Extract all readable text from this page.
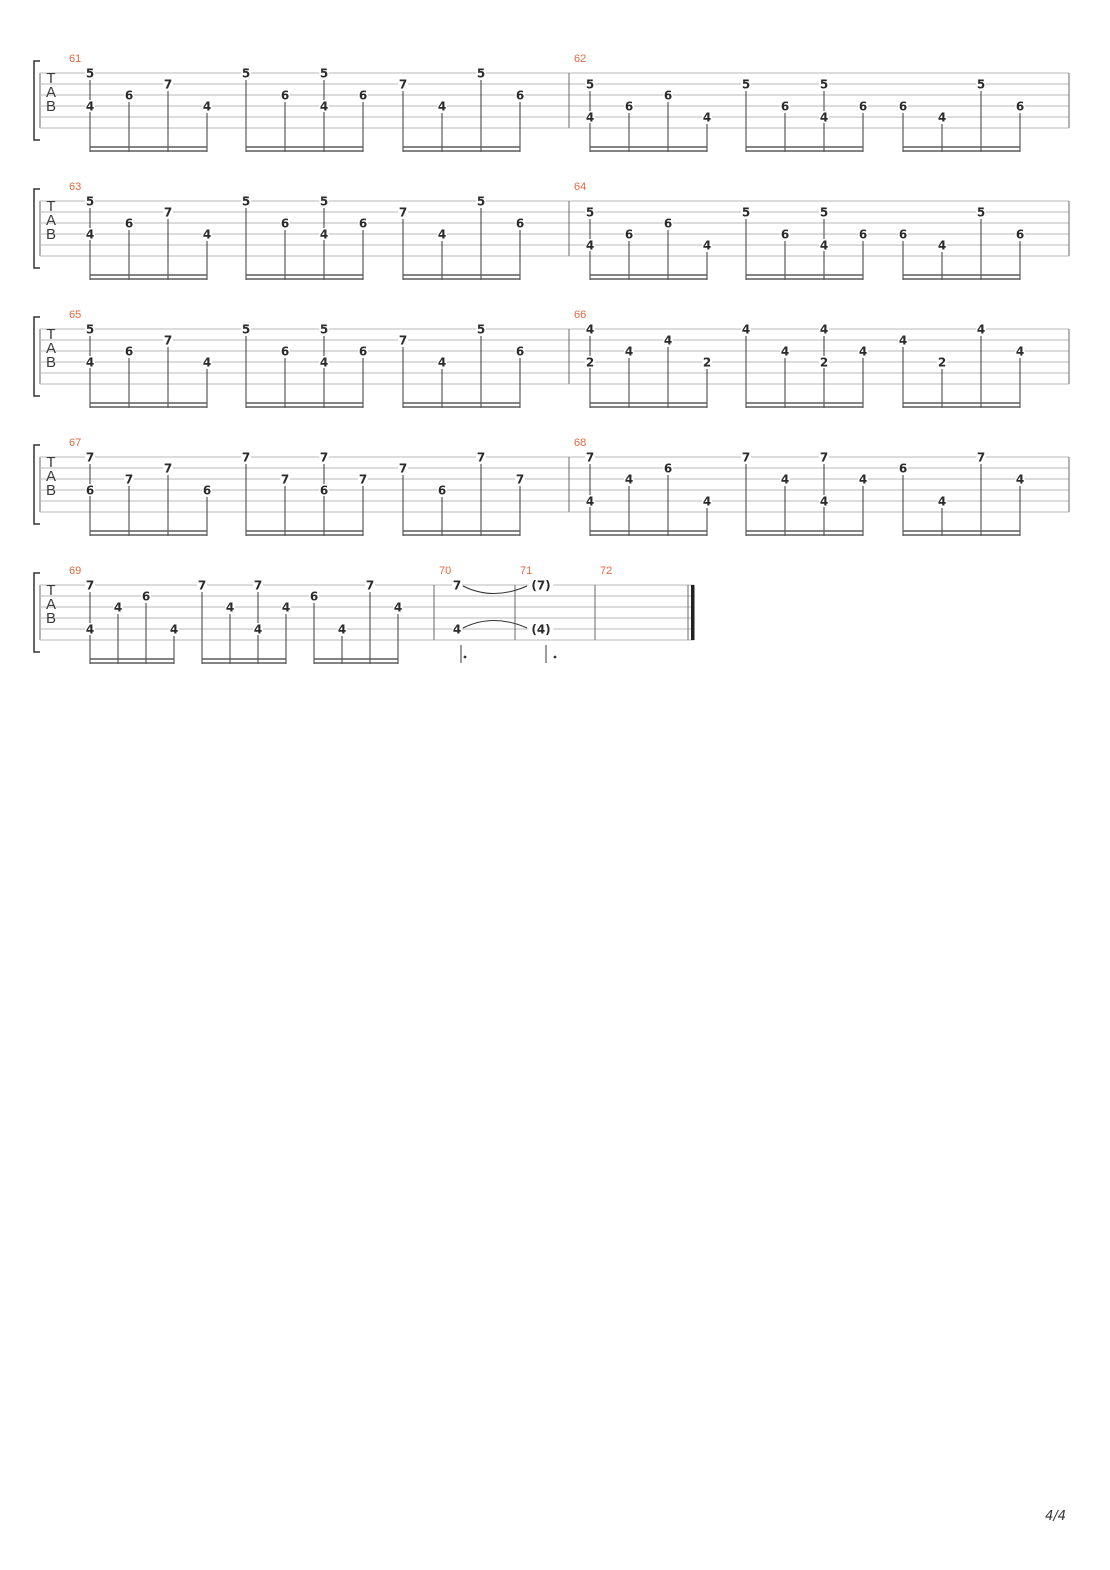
T
A
B
61
5
4
6
7
4
5
6
5
4
6
7
4
5
6
62
5
4
6
6
4
5
6
5
4
6	6
4
5
6
T
A
B
63
5
4
6
7
4
5
6
5
4
6
7
4
5
6
64
5
4
6
6
4
5
6
5
4
6	6
4
5
6
T
A
B
65
5
4
6
7
4
5
6
5
4
6
7
4
5
6
66
4
2
4
4
2
4
4
4
2
4
4
2
4
4
T
A
B
67
7
6
7
7
6
7
7
7
6
7
7
6
7
7
68
7
4
4
6
4
7
4
7
4
4
6
4
7
4
T
A
B
69
7
4
4
6
4
7
4
7
4
4
6
4
7
4
70
7
4
71
(7)
(4)
72
4/4
